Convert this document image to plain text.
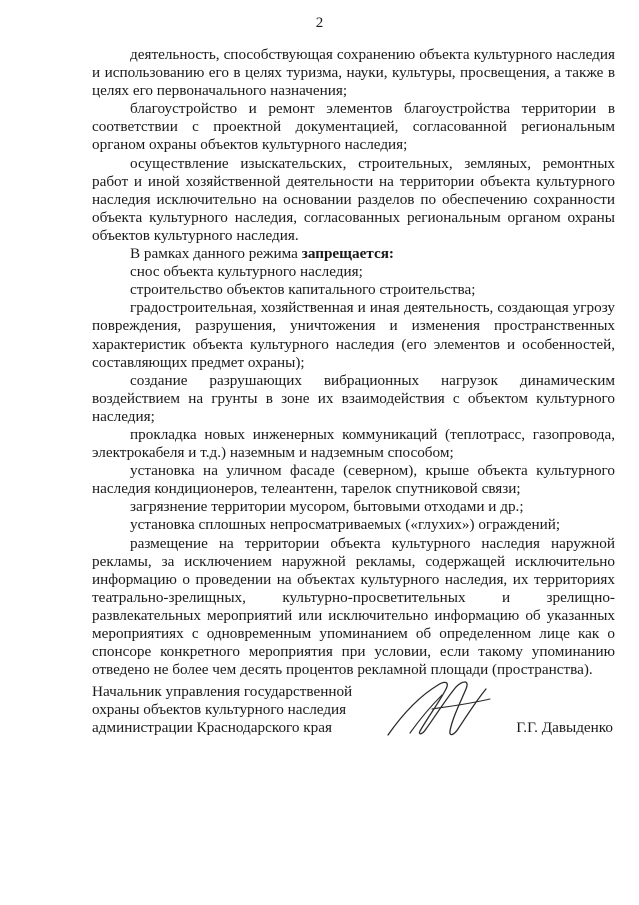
2

деятельность, способствующая сохранению объекта культурного наследия и использованию его в целях туризма, науки, культуры, просвещения, а также в целях его первоначального назначения;

благоустройство и ремонт элементов благоустройства территории в соответствии с проектной документацией, согласованной региональным органом охраны объектов культурного наследия;

осуществление изыскательских, строительных, земляных, ремонтных работ и иной хозяйственной деятельности на территории объекта культурного наследия исключительно на основании разделов по обеспечению сохранности объекта культурного наследия, согласованных региональным органом охраны объектов культурного наследия.

В рамках данного режима запрещается:

снос объекта культурного наследия;

строительство объектов капитального строительства;

градостроительная, хозяйственная и иная деятельность, создающая угрозу повреждения, разрушения, уничтожения и изменения пространственных характеристик объекта культурного наследия (его элементов и особенностей, составляющих предмет охраны);

создание разрушающих вибрационных нагрузок динамическим воздействием на грунты в зоне их взаимодействия с объектом культурного наследия;

прокладка новых инженерных коммуникаций (теплотрасс, газопровода, электрокабеля и т.д.) наземным и надземным способом;

установка на уличном фасаде (северном), крыше объекта культурного наследия кондиционеров, телеантенн, тарелок спутниковой связи;

загрязнение территории мусором, бытовыми отходами и др.;

установка сплошных непросматриваемых («глухих») ограждений;

размещение на территории объекта культурного наследия наружной рекламы, за исключением наружной рекламы, содержащей исключительно информацию о проведении на объектах культурного наследия, их территориях театрально-зрелищных, культурно-просветительных и зрелищно-развлекательных мероприятий или исключительно информацию об указанных мероприятиях с одновременным упоминанием об определенном лице как о спонсоре конкретного мероприятия при условии, если такому упоминанию отведено не более чем десять процентов рекламной площади (пространства).

Начальник управления государственной
охраны объектов культурного наследия
администрации Краснодарского края	Г.Г. Давыденко
